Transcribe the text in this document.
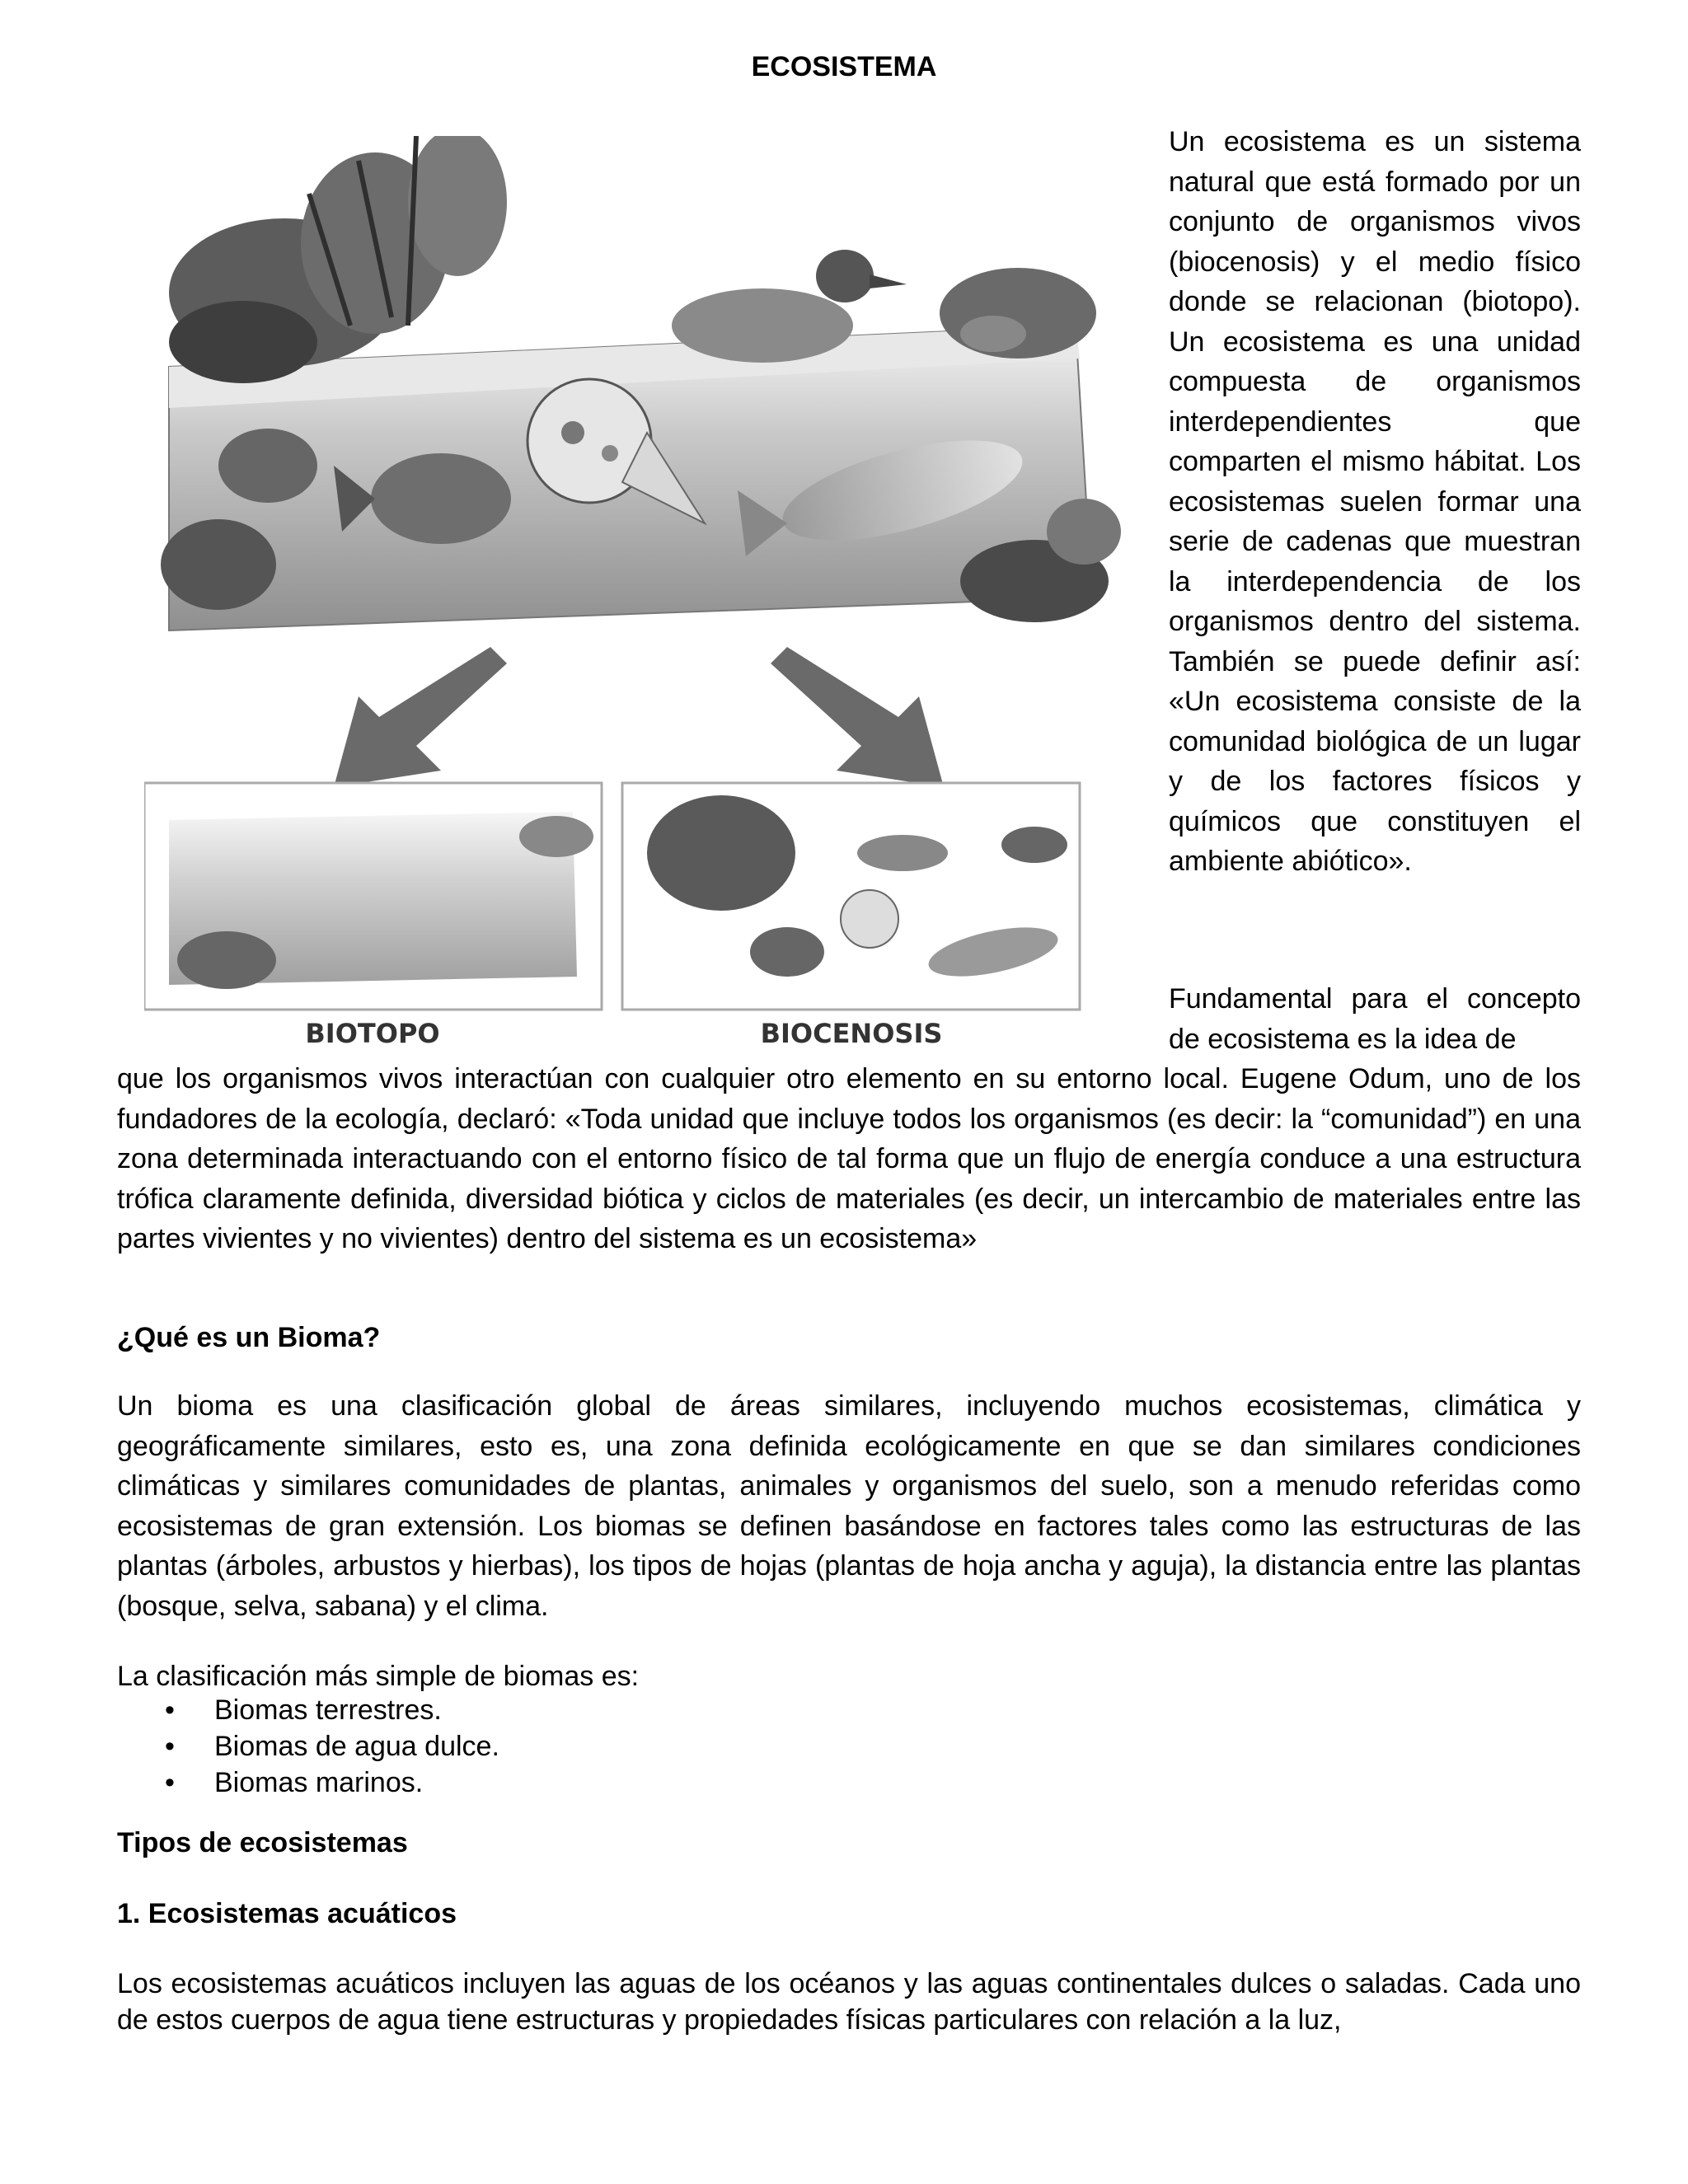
ECOSISTEMA
BIOTOPO	BIOCENOSIS

Un ecosistema es un sistema natural que está formado por un conjunto de organismos vivos (biocenosis) y el medio físico donde se relacionan (biotopo). Un ecosistema es una unidad compuesta de organismos interdependientes que comparten el mismo hábitat. Los ecosistemas suelen formar una serie de cadenas que muestran la interdependencia de los organismos dentro del sistema. También se puede definir así: «Un ecosistema consiste de la comunidad biológica de un lugar y de los factores físicos y químicos que constituyen el ambiente abiótico».

Fundamental para el concepto de ecosistema es la idea de

que los organismos vivos interactúan con cualquier otro elemento en su entorno local. Eugene Odum, uno de los fundadores de la ecología, declaró: «Toda unidad que incluye todos los organismos (es decir: la “comunidad”) en una zona determinada interactuando con el entorno físico de tal forma que un flujo de energía conduce a una estructura trófica claramente definida, diversidad biótica y ciclos de materiales (es decir, un intercambio de materiales entre las partes vivientes y no vivientes) dentro del sistema es un ecosistema»

¿Qué es un Bioma?

Un bioma es una clasificación global de áreas similares, incluyendo muchos ecosistemas, climática y geográficamente similares, esto es, una zona definida ecológicamente en que se dan similares condiciones climáticas y similares comunidades de plantas, animales y organismos del suelo, son a menudo referidas como ecosistemas de gran extensión. Los biomas se definen basándose en factores tales como las estructuras de las plantas (árboles, arbustos y hierbas), los tipos de hojas (plantas de hoja ancha y aguja), la distancia entre las plantas (bosque, selva, sabana) y el clima.

La clasificación más simple de biomas es:

• Biomas terrestres.
• Biomas de agua dulce.
• Biomas marinos.
Tipos de ecosistemas
1. Ecosistemas acuáticos

Los ecosistemas acuáticos incluyen las aguas de los océanos y las aguas continentales dulces o saladas. Cada uno de estos cuerpos de agua tiene estructuras y propiedades físicas particulares con relación a la luz,
